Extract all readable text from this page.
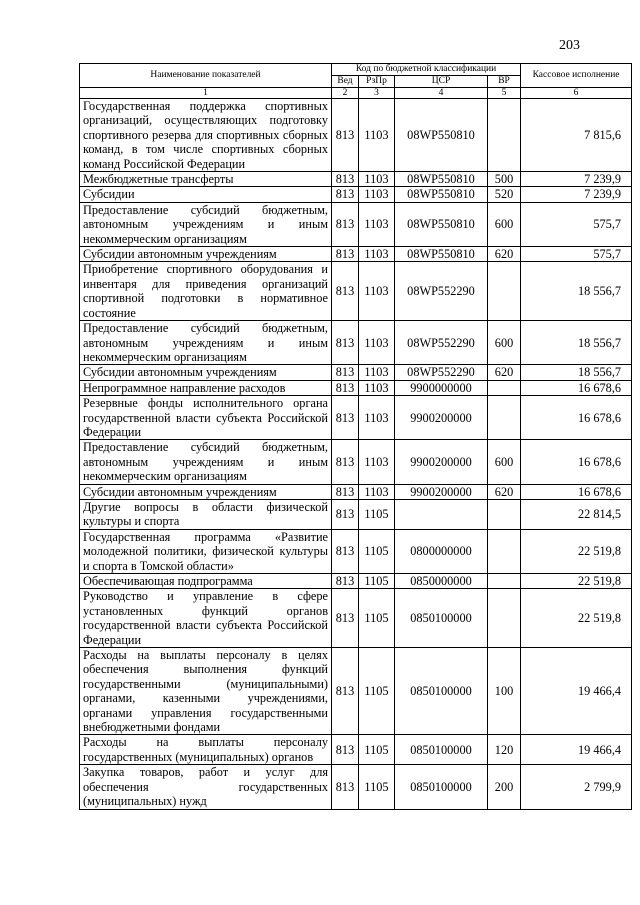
203
Наименование показателей	Код по бюджетной классификации				Кассовое исполнение
	Вед	РзПр	ЦСР	ВР	
1	2	3	4	5	6
Государственная поддержка спортивных организаций, осуществляющих подготовку спортивного резерва для спортивных сборных команд, в том числе спортивных сборных команд Российской Федерации	813	1103	08WP550810		7 815,6
Межбюджетные трансферты	813	1103	08WP550810	500	7 239,9
Субсидии	813	1103	08WP550810	520	7 239,9
Предоставление субсидий бюджетным, автономным учреждениям и иным некоммерческим организациям	813	1103	08WP550810	600	575,7
Субсидии автономным учреждениям	813	1103	08WP550810	620	575,7
Приобретение спортивного оборудования и инвентаря для приведения организаций спортивной подготовки в нормативное состояние	813	1103	08WP552290		18 556,7
Предоставление субсидий бюджетным, автономным учреждениям и иным некоммерческим организациям	813	1103	08WP552290	600	18 556,7
Субсидии автономным учреждениям	813	1103	08WP552290	620	18 556,7
Непрограммное направление расходов	813	1103	9900000000		16 678,6
Резервные фонды исполнительного органа государственной власти субъекта Российской Федерации	813	1103	9900200000		16 678,6
Предоставление субсидий бюджетным, автономным учреждениям и иным некоммерческим организациям	813	1103	9900200000	600	16 678,6
Субсидии автономным учреждениям	813	1103	9900200000	620	16 678,6
Другие вопросы в области физической культуры и спорта	813	1105			22 814,5
Государственная программа «Развитие молодежной политики, физической культуры и спорта в Томской области»	813	1105	0800000000		22 519,8
Обеспечивающая подпрограмма	813	1105	0850000000		22 519,8
Руководство и управление в сфере установленных функций органов государственной власти субъекта Российской Федерации	813	1105	0850100000		22 519,8
Расходы на выплаты персоналу в целях обеспечения выполнения функций государственными (муниципальными) органами, казенными учреждениями, органами управления государственными внебюджетными фондами	813	1105	0850100000	100	19 466,4
Расходы на выплаты персоналу государственных (муниципальных) органов	813	1105	0850100000	120	19 466,4
Закупка товаров, работ и услуг для обеспечения государственных (муниципальных) нужд	813	1105	0850100000	200	2 799,9
